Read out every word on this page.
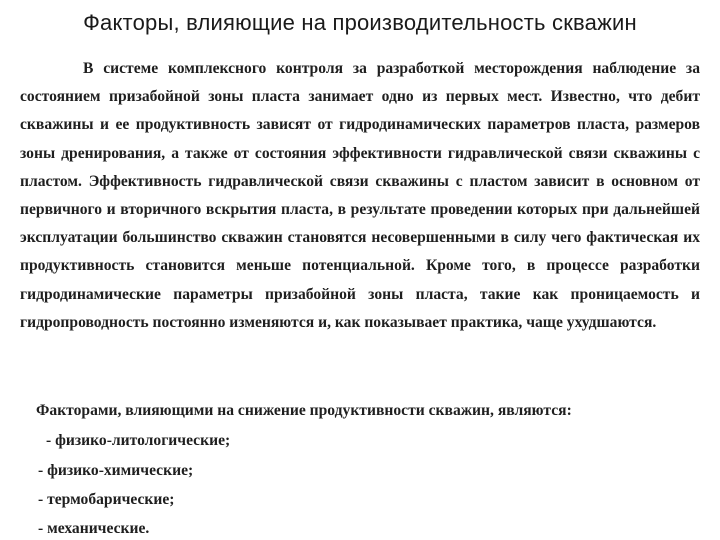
Факторы, влияющие на производительность скважин

В системе комплексного контроля за разработкой месторождения наблюдение за состоянием призабойной зоны пласта занимает одно из первых мест. Известно, что дебит скважины и ее продуктивность зависят от гидродинамических параметров пласта, размеров зоны дренирования, а также от состояния эффективности гидравлической связи скважины с пластом. Эффективность гидравлической связи скважины с пластом зависит в основном от первичного и вторичного вскрытия пласта, в результате проведении которых при дальнейшей эксплуатации большинство скважин становятся несовершенными в силу чего фактическая их продуктивность становится меньше потенциальной. Кроме того, в процессе разработки гидродинамические параметры призабойной зоны пласта, такие как проницаемость и гидропроводность постоянно изменяются и, как показывает практика, чаще ухудшаются.

Факторами, влияющими на снижение продуктивности скважин, являются:
- физико-литологические;
- физико-химические;
- термобарические;
- механические.
